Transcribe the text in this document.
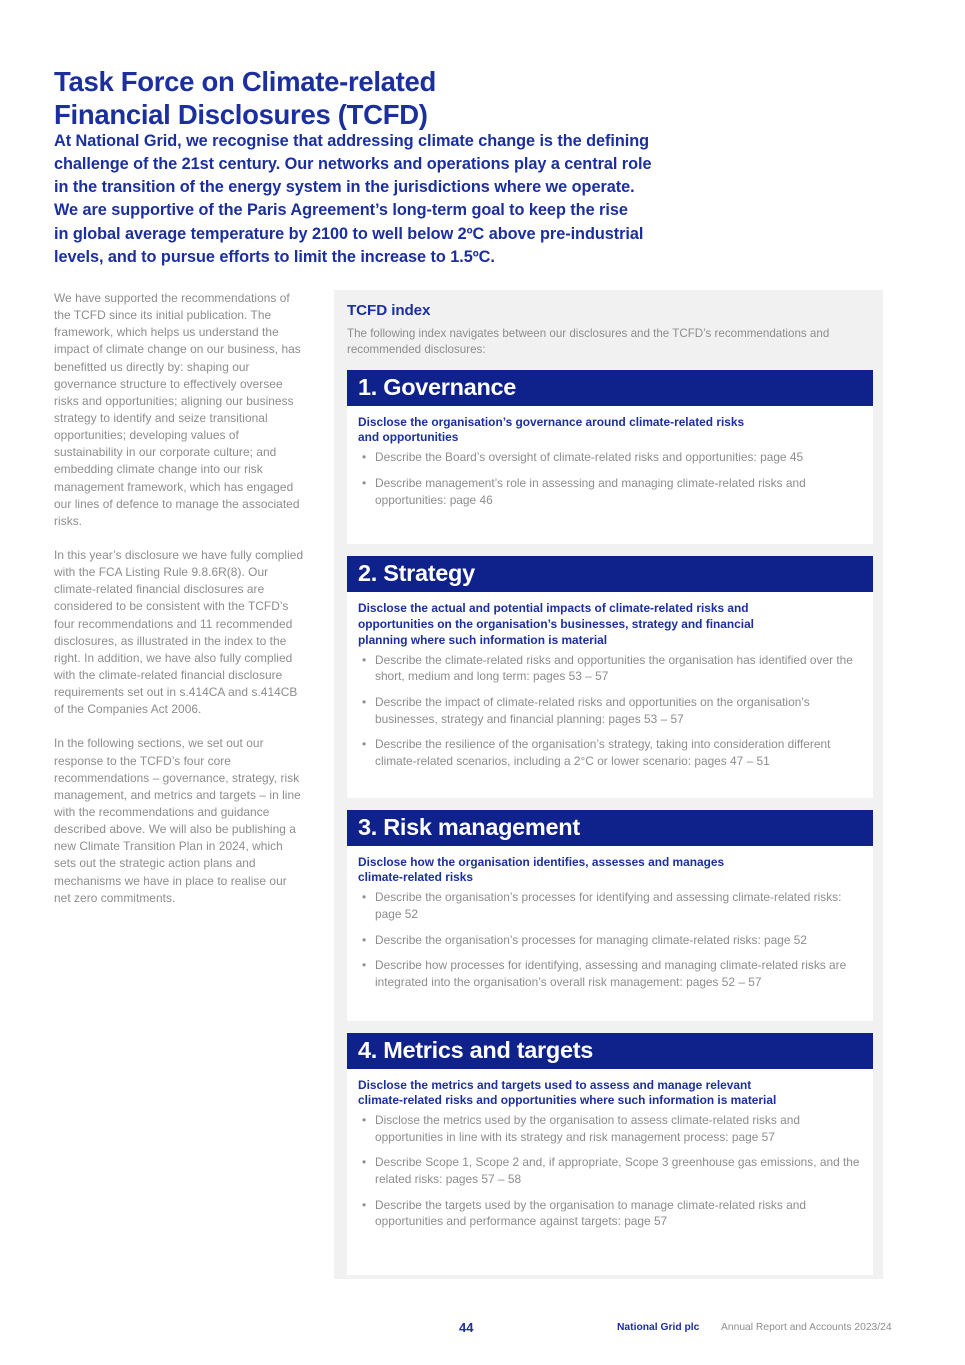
Task Force on Climate-related
Financial Disclosures (TCFD)
At National Grid, we recognise that addressing climate change is the defining
challenge of the 21st century. Our networks and operations play a central role
in the transition of the energy system in the jurisdictions where we operate.
We are supportive of the Paris Agreement’s long-term goal to keep the rise
in global average temperature by 2100 to well below 2ºC above pre-industrial
levels, and to pursue efforts to limit the increase to 1.5ºC.

We have supported the recommendations of the TCFD since its initial publication. The framework, which helps us understand the impact of climate change on our business, has benefitted us directly by: shaping our governance structure to effectively oversee risks and opportunities; aligning our business strategy to identify and seize transitional opportunities; developing values of sustainability in our corporate culture; and embedding climate change into our risk management framework, which has engaged our lines of defence to manage the associated risks.

In this year’s disclosure we have fully complied with the FCA Listing Rule 9.8.6R(8). Our climate-related financial disclosures are considered to be consistent with the TCFD’s four recommendations and 11 recommended disclosures, as illustrated in the index to the right. In addition, we have also fully complied with the climate-related financial disclosure requirements set out in s.414CA and s.414CB of the Companies Act 2006.

In the following sections, we set out our response to the TCFD’s four core recommendations – governance, strategy, risk management, and metrics and targets – in line with the recommendations and guidance described above. We will also be publishing a new Climate Transition Plan in 2024, which sets out the strategic action plans and mechanisms we have in place to realise our net zero commitments.

TCFD index

The following index navigates between our disclosures and the TCFD’s recommendations and recommended disclosures:

1. Governance

Disclose the organisation’s governance around climate-related risks
and opportunities

• Describe the Board’s oversight of climate-related risks and opportunities: page 45
• Describe management’s role in assessing and managing climate-related risks and opportunities: page 46
2. Strategy

Disclose the actual and potential impacts of climate-related risks and
opportunities on the organisation’s businesses, strategy and financial
planning where such information is material

• Describe the climate-related risks and opportunities the organisation has identified over the short, medium and long term: pages 53 – 57
• Describe the impact of climate-related risks and opportunities on the organisation’s businesses, strategy and financial planning: pages 53 – 57
• Describe the resilience of the organisation’s strategy, taking into consideration different climate-related scenarios, including a 2°C or lower scenario: pages 47 – 51
3. Risk management

Disclose how the organisation identifies, assesses and manages
climate-related risks

• Describe the organisation’s processes for identifying and assessing climate-related risks: page 52
• Describe the organisation’s processes for managing climate-related risks: page 52
• Describe how processes for identifying, assessing and managing climate-related risks are integrated into the organisation’s overall risk management: pages 52 – 57
4. Metrics and targets

Disclose the metrics and targets used to assess and manage relevant
climate-related risks and opportunities where such information is material

• Disclose the metrics used by the organisation to assess climate-related risks and opportunities in line with its strategy and risk management process: page 57
• Describe Scope 1, Scope 2 and, if appropriate, Scope 3 greenhouse gas emissions, and the related risks: pages 57 – 58
• Describe the targets used by the organisation to manage climate-related risks and opportunities and performance against targets: page 57
44	National Grid plc Annual Report and Accounts 2023/24
